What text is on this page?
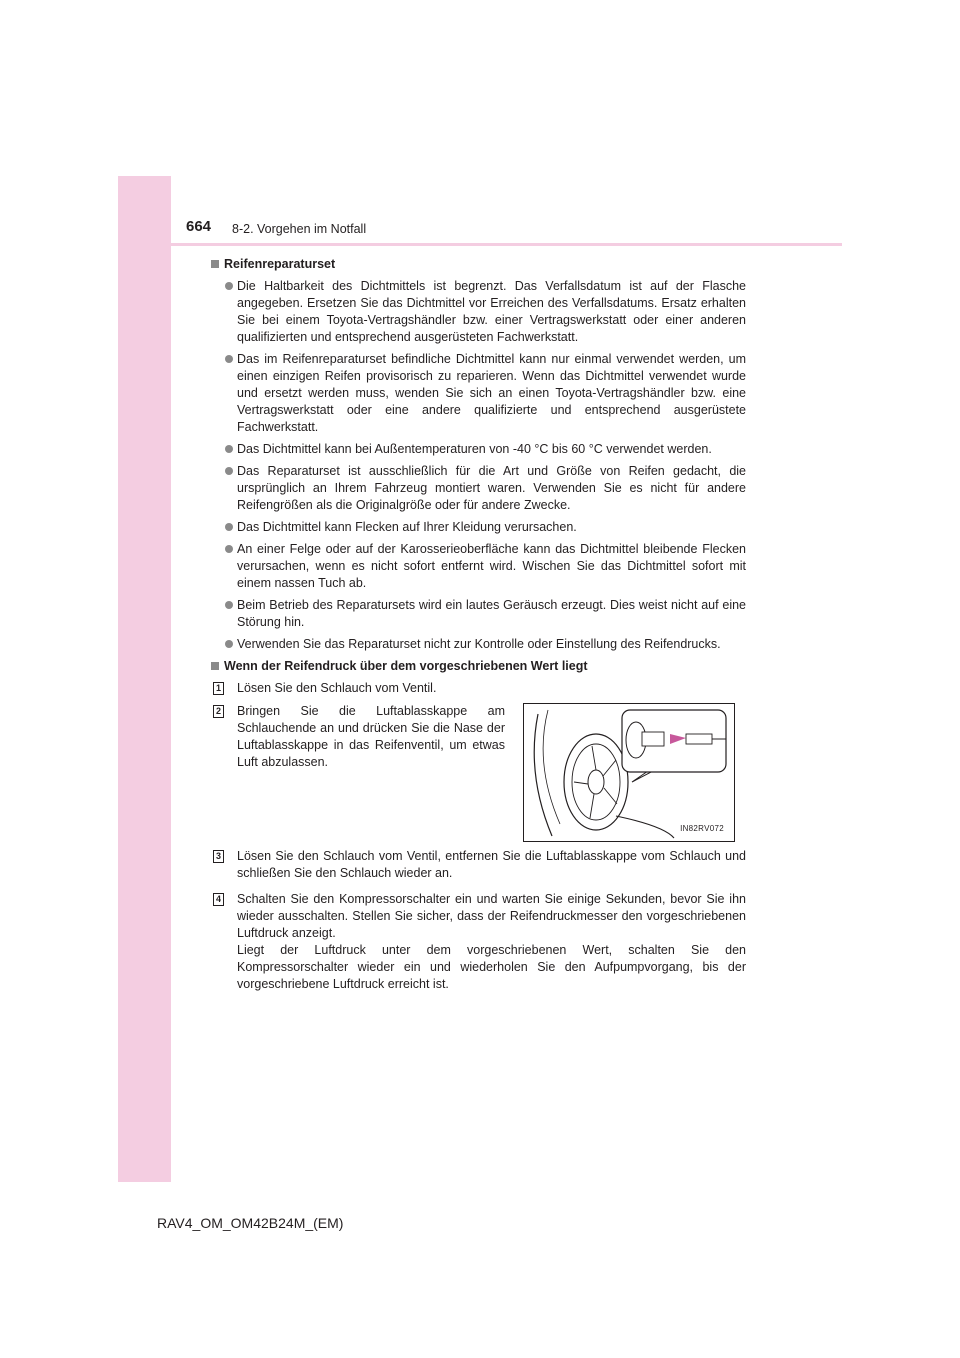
664 8-2. Vorgehen im Notfall

Reifenreparaturset

Die Haltbarkeit des Dichtmittels ist begrenzt. Das Verfallsdatum ist auf der Flasche angegeben. Ersetzen Sie das Dichtmittel vor Erreichen des Verfallsdatums. Ersatz erhalten Sie bei einem Toyota-Vertragshändler bzw. einer Vertragswerkstatt oder einer anderen qualifizierten und entsprechend ausgerüsteten Fachwerkstatt.

Das im Reifenreparaturset befindliche Dichtmittel kann nur einmal verwendet werden, um einen einzigen Reifen provisorisch zu reparieren. Wenn das Dichtmittel verwendet wurde und ersetzt werden muss, wenden Sie sich an einen Toyota-Vertragshändler bzw. eine Vertragswerkstatt oder eine andere qualifizierte und entsprechend ausgerüstete Fachwerkstatt.

Das Dichtmittel kann bei Außentemperaturen von -40 °C bis 60 °C verwendet werden.

Das Reparaturset ist ausschließlich für die Art und Größe von Reifen gedacht, die ursprünglich an Ihrem Fahrzeug montiert waren. Verwenden Sie es nicht für andere Reifengrößen als die Originalgröße oder für andere Zwecke.

Das Dichtmittel kann Flecken auf Ihrer Kleidung verursachen.

An einer Felge oder auf der Karosserieoberfläche kann das Dichtmittel bleibende Flecken verursachen, wenn es nicht sofort entfernt wird. Wischen Sie das Dichtmittel sofort mit einem nassen Tuch ab.

Beim Betrieb des Reparatursets wird ein lautes Geräusch erzeugt. Dies weist nicht auf eine Störung hin.

Verwenden Sie das Reparaturset nicht zur Kontrolle oder Einstellung des Reifendrucks.

Wenn der Reifendruck über dem vorgeschriebenen Wert liegt

1 Lösen Sie den Schlauch vom Ventil.

2 Bringen Sie die Luftablasskappe am Schlauchende an und drücken Sie die Nase der Luftablasskappe in das Reifenventil, um etwas Luft abzulassen.

IN82RV072

3 Lösen Sie den Schlauch vom Ventil, entfernen Sie die Luftablasskappe vom Schlauch und schließen Sie den Schlauch wieder an.

4 Schalten Sie den Kompressorschalter ein und warten Sie einige Sekunden, bevor Sie ihn wieder ausschalten. Stellen Sie sicher, dass der Reifendruckmesser den vorgeschriebenen Luftdruck anzeigt.
Liegt der Luftdruck unter dem vorgeschriebenen Wert, schalten Sie den Kompressorschalter wieder ein und wiederholen Sie den Aufpumpvorgang, bis der vorgeschriebene Luftdruck erreicht ist.

RAV4_OM_OM42B24M_(EM)
